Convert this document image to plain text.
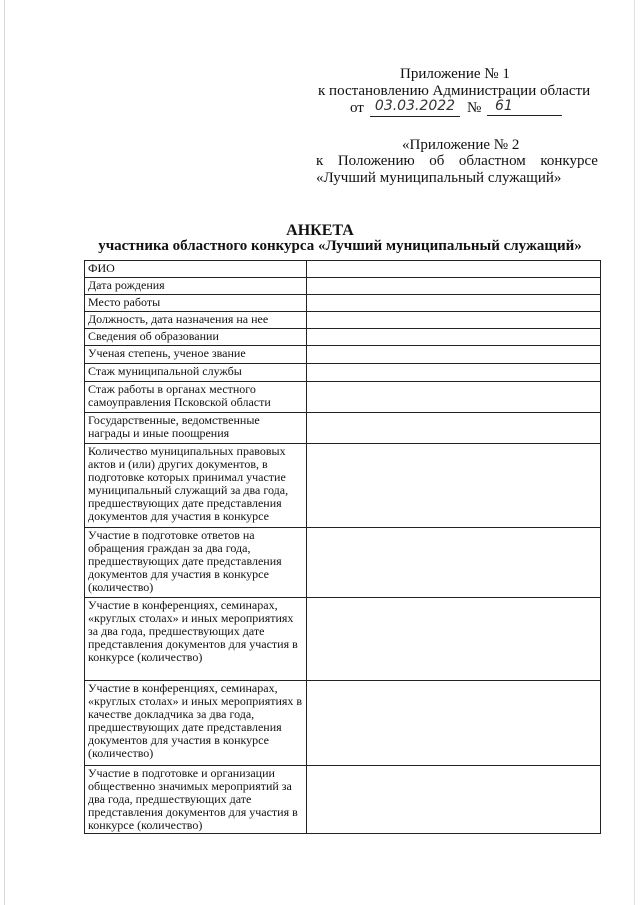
Приложение № 1
к постановлению Администрации области
от 03.03.2022 № 61
«Приложение № 2
к Положению об областном конкурсе
«Лучший муниципальный служащий»
АНКЕТА
участника областного конкурса «Лучший муниципальный служащий»
ФИО	
Дата рождения	
Место работы	
Должность, дата назначения на нее	
Сведения об образовании	
Ученая степень, ученое звание	
Стаж муниципальной службы	
Стаж работы в органах местного самоуправления Псковской области	
Государственные, ведомственные награды и иные поощрения	
Количество муниципальных правовых актов и (или) других документов, в подготовке которых принимал участие муниципальный служащий за два года, предшествующих дате представления документов для участия в конкурсе	
Участие в подготовке ответов на обращения граждан за два года, предшествующих дате представления документов для участия в конкурсе (количество)	
Участие в конференциях, семинарах, «круглых столах» и иных мероприятиях за два года, предшествующих дате представления документов для участия в конкурсе (количество)	
Участие в конференциях, семинарах, «круглых столах» и иных мероприятиях в качестве докладчика за два года, предшествующих дате представления документов для участия в конкурсе (количество)	
Участие в подготовке и организации общественно значимых мероприятий за два года, предшествующих дате представления документов для участия в конкурсе (количество)	
